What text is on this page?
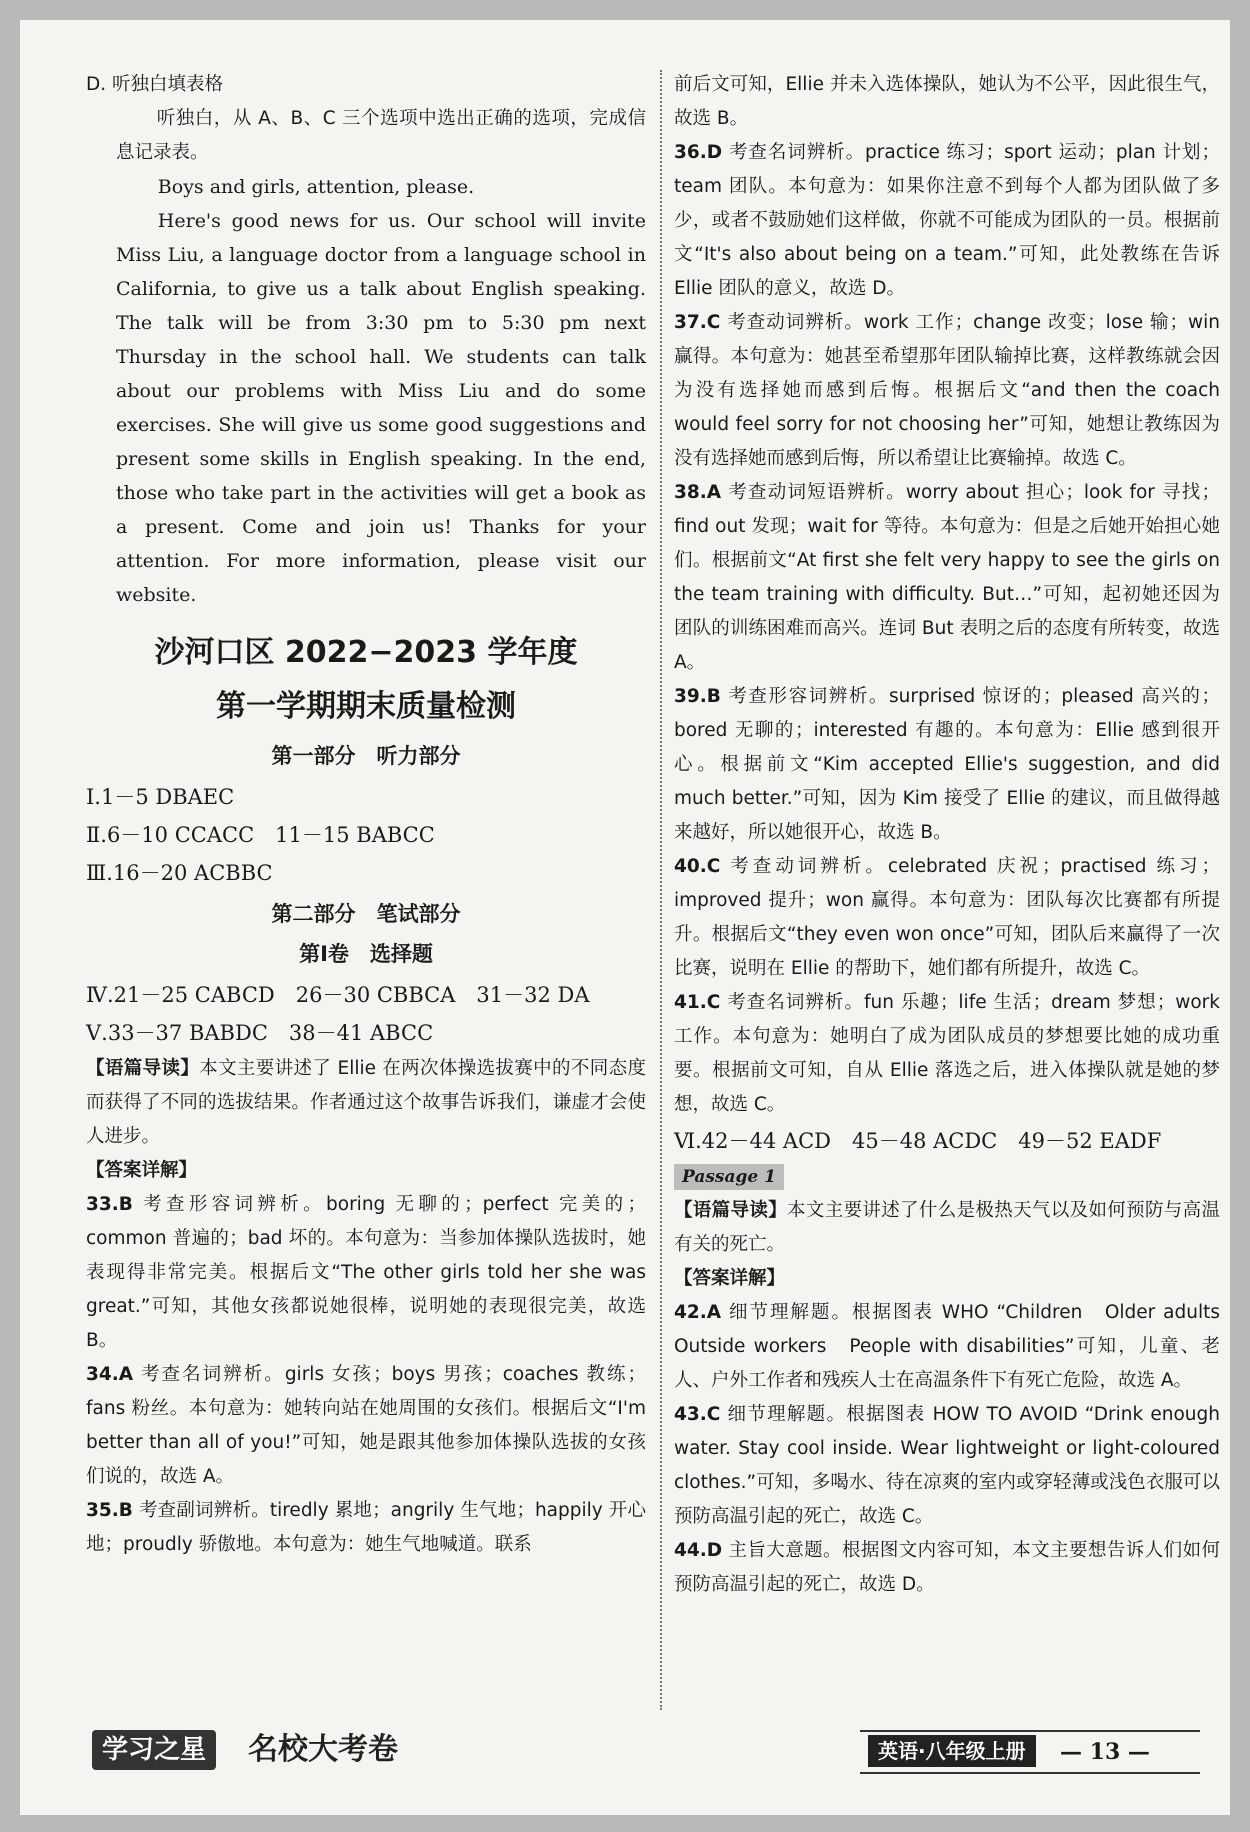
D. 听独白填表格

听独白，从 A、B、C 三个选项中选出正确的选项，完成信息记录表。

Boys and girls, attention, please.

Here's good news for us. Our school will invite Miss Liu, a language doctor from a language school in California, to give us a talk about English speaking. The talk will be from 3:30 pm to 5:30 pm next Thursday in the school hall. We students can talk about our problems with Miss Liu and do some exercises. She will give us some good suggestions and present some skills in English speaking. In the end, those who take part in the activities will get a book as a present. Come and join us! Thanks for your attention. For more information, please visit our website.

沙河口区 2022−2023 学年度
第一学期期末质量检测
第一部分　听力部分

Ⅰ.1－5 DBAEC

Ⅱ.6－10 CCACC　11－15 BABCC

Ⅲ.16－20 ACBBC

第二部分　笔试部分
第Ⅰ卷　选择题

Ⅳ.21－25 CABCD　26－30 CBBCA　31－32 DA

Ⅴ.33－37 BABDC　38－41 ABCC

【语篇导读】本文主要讲述了 Ellie 在两次体操选拔赛中的不同态度而获得了不同的选拔结果。作者通过这个故事告诉我们，谦虚才会使人进步。

【答案详解】

33.B 考查形容词辨析。boring 无聊的；perfect 完美的；common 普遍的；bad 坏的。本句意为：当参加体操队选拔时，她表现得非常完美。根据后文“The other girls told her she was great.”可知，其他女孩都说她很棒，说明她的表现很完美，故选 B。

34.A 考查名词辨析。girls 女孩；boys 男孩；coaches 教练；fans 粉丝。本句意为：她转向站在她周围的女孩们。根据后文“I'm better than all of you!”可知，她是跟其他参加体操队选拔的女孩们说的，故选 A。

35.B 考查副词辨析。tiredly 累地；angrily 生气地；happily 开心地；proudly 骄傲地。本句意为：她生气地喊道。联系

前后文可知，Ellie 并未入选体操队，她认为不公平，因此很生气，故选 B。

36.D 考查名词辨析。practice 练习；sport 运动；plan 计划；team 团队。本句意为：如果你注意不到每个人都为团队做了多少，或者不鼓励她们这样做，你就不可能成为团队的一员。根据前文“It's also about being on a team.”可知，此处教练在告诉 Ellie 团队的意义，故选 D。

37.C 考查动词辨析。work 工作；change 改变；lose 输；win 赢得。本句意为：她甚至希望那年团队输掉比赛，这样教练就会因为没有选择她而感到后悔。根据后文“and then the coach would feel sorry for not choosing her”可知，她想让教练因为没有选择她而感到后悔，所以希望让比赛输掉。故选 C。

38.A 考查动词短语辨析。worry about 担心；look for 寻找；find out 发现；wait for 等待。本句意为：但是之后她开始担心她们。根据前文“At first she felt very happy to see the girls on the team training with difficulty. But…”可知，起初她还因为团队的训练困难而高兴。连词 But 表明之后的态度有所转变，故选 A。

39.B 考查形容词辨析。surprised 惊讶的；pleased 高兴的；bored 无聊的；interested 有趣的。本句意为：Ellie 感到很开心。根据前文“Kim accepted Ellie's suggestion, and did much better.”可知，因为 Kim 接受了 Ellie 的建议，而且做得越来越好，所以她很开心，故选 B。

40.C 考查动词辨析。celebrated 庆祝；practised 练习；improved 提升；won 赢得。本句意为：团队每次比赛都有所提升。根据后文“they even won once”可知，团队后来赢得了一次比赛，说明在 Ellie 的帮助下，她们都有所提升，故选 C。

41.C 考查名词辨析。fun 乐趣；life 生活；dream 梦想；work 工作。本句意为：她明白了成为团队成员的梦想要比她的成功重要。根据前文可知，自从 Ellie 落选之后，进入体操队就是她的梦想，故选 C。

Ⅵ.42－44 ACD　45－48 ACDC　49－52 EADF

Passage 1

【语篇导读】本文主要讲述了什么是极热天气以及如何预防与高温有关的死亡。

【答案详解】

42.A 细节理解题。根据图表 WHO “Children　Older adults　Outside workers　People with disabilities”可知，儿童、老人、户外工作者和残疾人士在高温条件下有死亡危险，故选 A。

43.C 细节理解题。根据图表 HOW TO AVOID “Drink enough water. Stay cool inside. Wear lightweight or light-coloured clothes.”可知，多喝水、待在凉爽的室内或穿轻薄或浅色衣服可以预防高温引起的死亡，故选 C。

44.D 主旨大意题。根据图文内容可知，本文主要想告诉人们如何预防高温引起的死亡，故选 D。

学习之星	名校大考卷	英语·八年级上册	— 13 —
